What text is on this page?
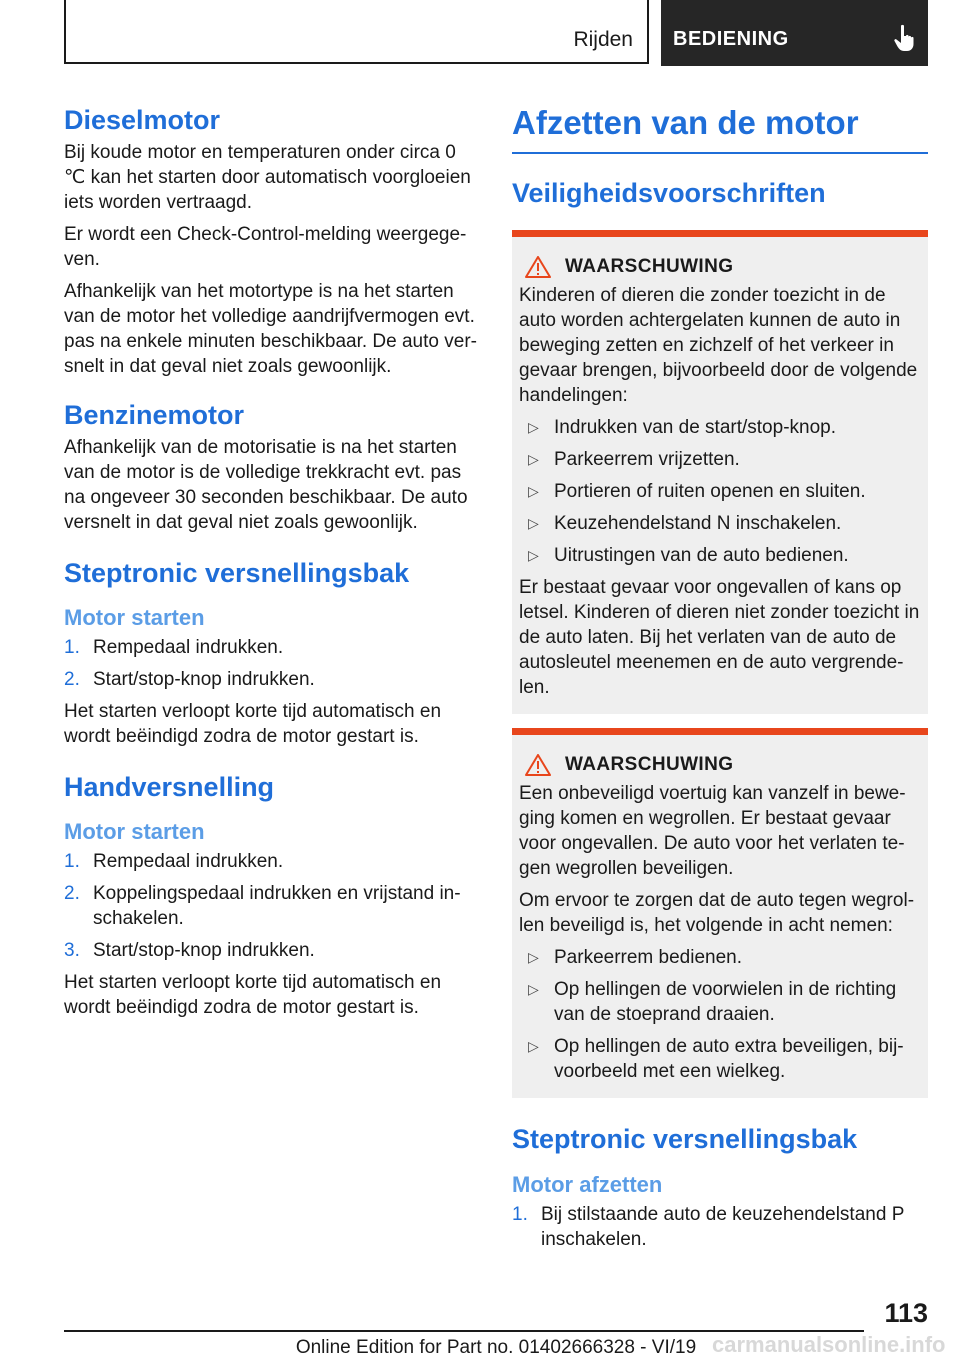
Rijden BEDIENING
Dieselmotor

Bij koude motor en temperaturen onder circa 0 ℃ kan het starten door automatisch voorgloeien iets worden vertraagd.

Er wordt een Check-Control-melding weergegeven.

Afhankelijk van het motortype is na het starten van de motor het volledige aandrijfvermogen evt. pas na enkele minuten beschikbaar. De auto versnelt in dat geval niet zoals gewoonlijk.

Benzinemotor

Afhankelijk van de motorisatie is na het starten van de motor is de volledige trekkracht evt. pas na ongeveer 30 seconden beschikbaar. De auto versnelt in dat geval niet zoals gewoonlijk.

Steptronic versnellingsbak
Motor starten
1. Rempedaal indrukken.
2. Start/stop-knop indrukken.

Het starten verloopt korte tijd automatisch en wordt beëindigd zodra de motor gestart is.

Handversnelling
Motor starten
1. Rempedaal indrukken.
2. Koppelingspedaal indrukken en vrijstand inschakelen.
3. Start/stop-knop indrukken.

Het starten verloopt korte tijd automatisch en wordt beëindigd zodra de motor gestart is.

Afzetten van de motor
Veiligheidsvoorschriften
WAARSCHUWING

Kinderen of dieren die zonder toezicht in de auto worden achtergelaten kunnen de auto in beweging zetten en zichzelf of het verkeer in gevaar brengen, bijvoorbeeld door de volgende handelingen:

▷ Indrukken van de start/stop-knop.
▷ Parkeerrem vrijzetten.
▷ Portieren of ruiten openen en sluiten.
▷ Keuzehendelstand N inschakelen.
▷ Uitrustingen van de auto bedienen.

Er bestaat gevaar voor ongevallen of kans op letsel. Kinderen of dieren niet zonder toezicht in de auto laten. Bij het verlaten van de auto de autosleutel meenemen en de auto vergrendelen.

WAARSCHUWING

Een onbeveiligd voertuig kan vanzelf in beweging komen en wegrollen. Er bestaat gevaar voor ongevallen. De auto voor het verlaten tegen wegrollen beveiligen.

Om ervoor te zorgen dat de auto tegen wegrollen beveiligd is, het volgende in acht nemen:

▷ Parkeerrem bedienen.
▷ Op hellingen de voorwielen in de richting van de stoeprand draaien.
▷ Op hellingen de auto extra beveiligen, bijvoorbeeld met een wielkeg.
Steptronic versnellingsbak
Motor afzetten
1. Bij stilstaande auto de keuzehendelstand P inschakelen.
113
Online Edition for Part no. 01402666328 - VI/19 carmanualsonline.info
